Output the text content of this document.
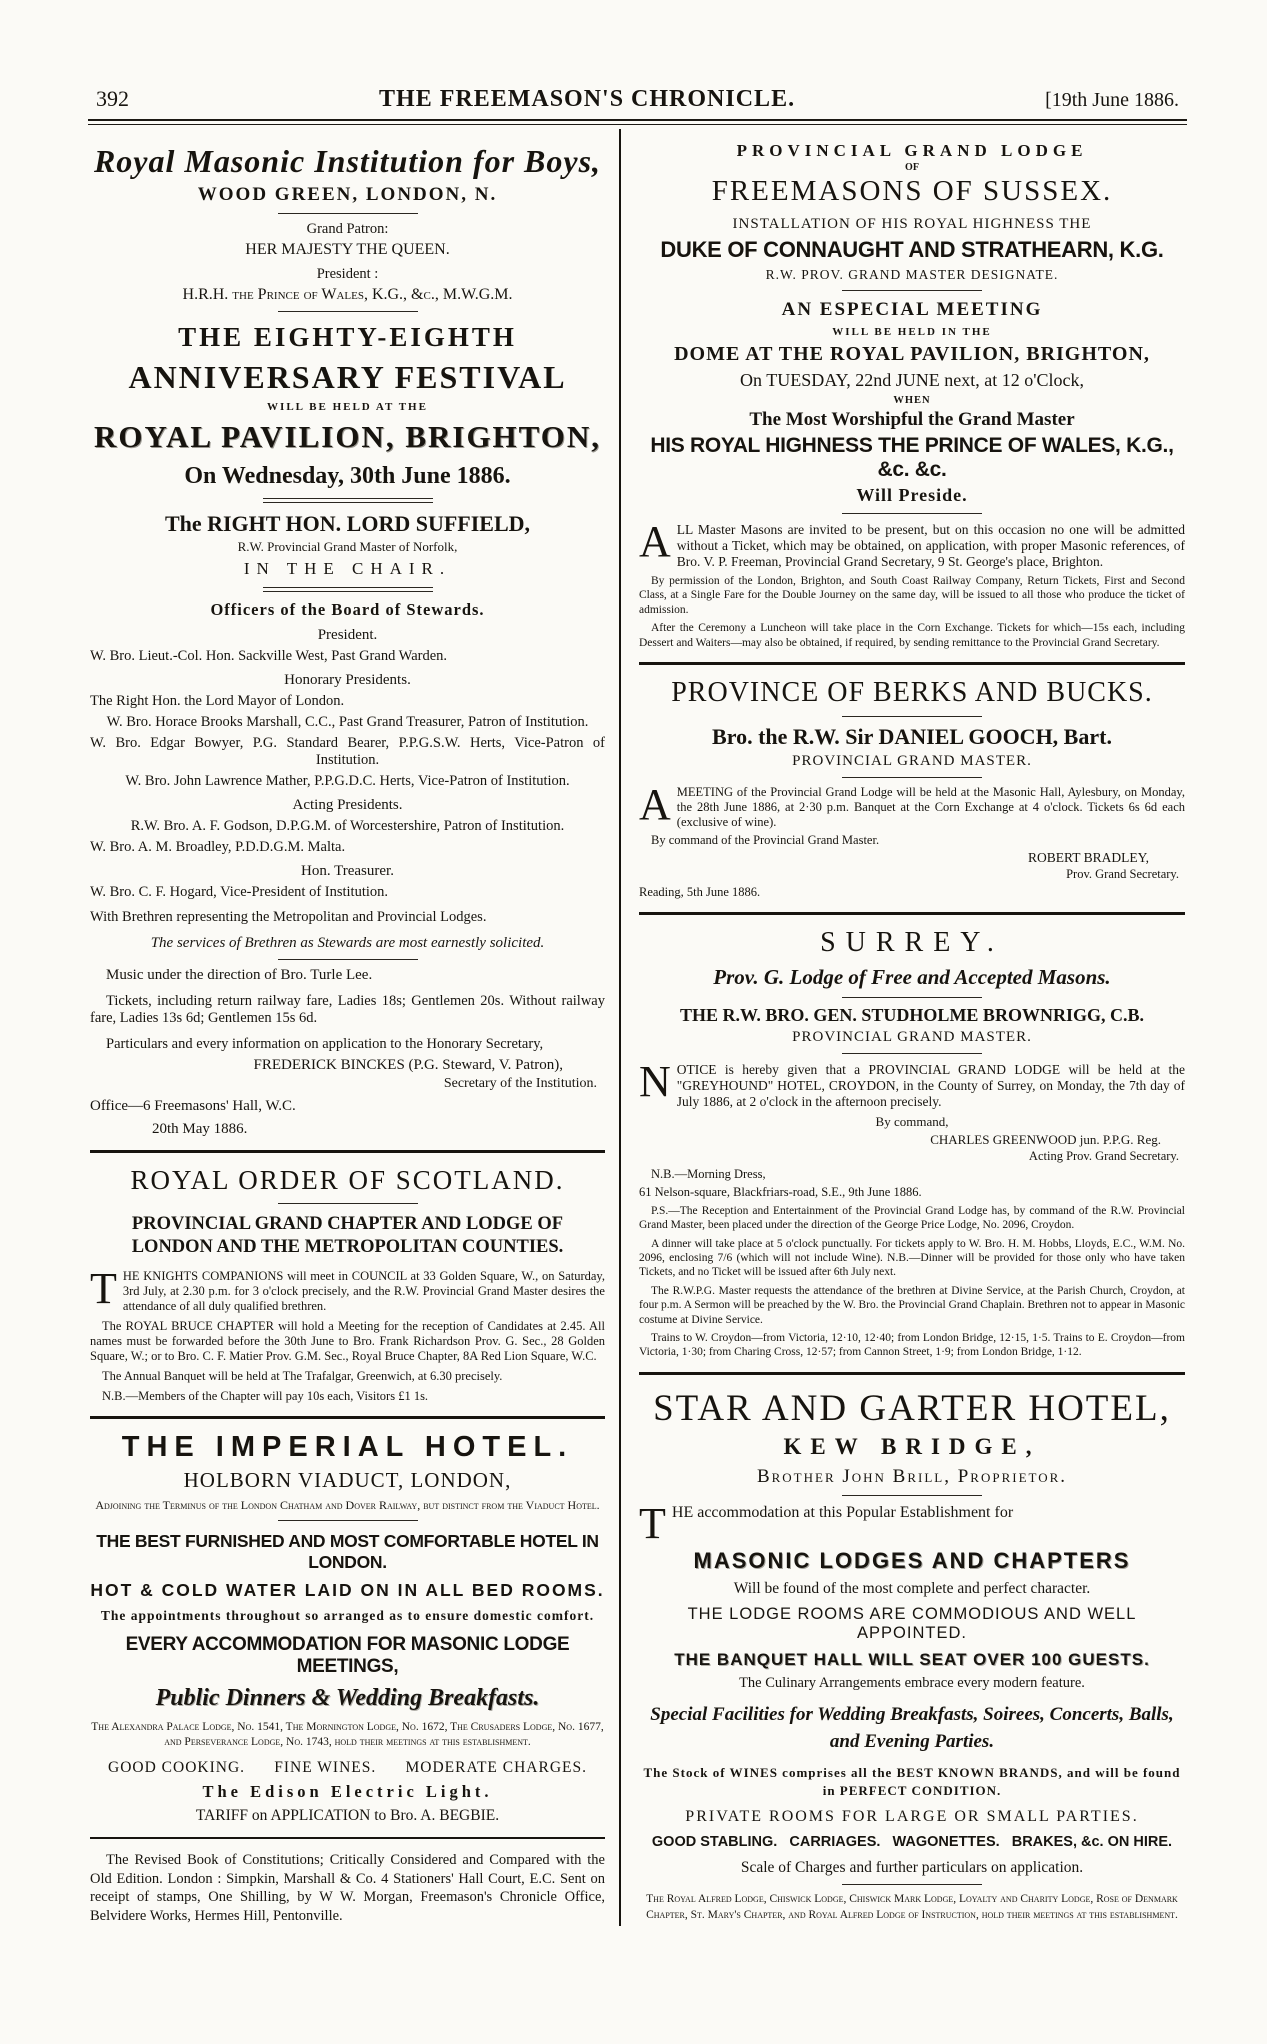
392	THE FREEMASON'S CHRONICLE.	[19th June 1886.
Royal Masonic Institution for Boys,
WOOD GREEN, LONDON, N.
Grand Patron:
HER MAJESTY THE QUEEN.
President :
H.R.H. the Prince of Wales, K.G., &c., M.W.G.M.
THE EIGHTY-EIGHTH
ANNIVERSARY FESTIVAL
WILL BE HELD AT THE
ROYAL PAVILION, BRIGHTON,
On Wednesday, 30th June 1886.
The RIGHT HON. LORD SUFFIELD,
R.W. Provincial Grand Master of Norfolk,
IN THE CHAIR.
Officers of the Board of Stewards.
President.
W. Bro. Lieut.-Col. Hon. Sackville West, Past Grand Warden.
Honorary Presidents.
The Right Hon. the Lord Mayor of London.
W. Bro. Horace Brooks Marshall, C.C., Past Grand Treasurer, Patron of Institution.
W. Bro. Edgar Bowyer, P.G. Standard Bearer, P.P.G.S.W. Herts, Vice-Patron of Institution.
W. Bro. John Lawrence Mather, P.P.G.D.C. Herts, Vice-Patron of Institution.
Acting Presidents.
R.W. Bro. A. F. Godson, D.P.G.M. of Worcestershire, Patron of Institution.
W. Bro. A. M. Broadley, P.D.D.G.M. Malta.
Hon. Treasurer.
W. Bro. C. F. Hogard, Vice-President of Institution.
With Brethren representing the Metropolitan and Provincial Lodges.
The services of Brethren as Stewards are most earnestly solicited.
Music under the direction of Bro. Turle Lee.
Tickets, including return railway fare, Ladies 18s; Gentlemen 20s. Without railway fare, Ladies 13s 6d; Gentlemen 15s 6d.
Particulars and every information on application to the Honorary Secretary,
FREDERICK BINCKES (P.G. Steward, V. Patron),
Secretary of the Institution.
Office—6 Freemasons' Hall, W.C.
20th May 1886.
ROYAL ORDER OF SCOTLAND.
PROVINCIAL GRAND CHAPTER AND LODGE OF LONDON AND THE METROPOLITAN COUNTIES.

THE KNIGHTS COMPANIONS will meet in COUNCIL at 33 Golden Square, W., on Saturday, 3rd July, at 2.30 p.m. for 3 o'clock precisely, and the R.W. Provincial Grand Master desires the attendance of all duly qualified brethren.

The ROYAL BRUCE CHAPTER will hold a Meeting for the reception of Candidates at 2.45. All names must be forwarded before the 30th June to Bro. Frank Richardson Prov. G. Sec., 28 Golden Square, W.; or to Bro. C. F. Matier Prov. G.M. Sec., Royal Bruce Chapter, 8A Red Lion Square, W.C.

The Annual Banquet will be held at The Trafalgar, Greenwich, at 6.30 precisely.

N.B.—Members of the Chapter will pay 10s each, Visitors £1 1s.

THE IMPERIAL HOTEL.
HOLBORN VIADUCT, LONDON,
Adjoining the Terminus of the London Chatham and Dover Railway, but distinct from the Viaduct Hotel.
THE BEST FURNISHED AND MOST COMFORTABLE HOTEL IN LONDON.
HOT & COLD WATER LAID ON IN ALL BED ROOMS.
The appointments throughout so arranged as to ensure domestic comfort.
EVERY ACCOMMODATION FOR MASONIC LODGE MEETINGS,
Public Dinners & Wedding Breakfasts.
The Alexandra Palace Lodge, No. 1541, The Mornington Lodge, No. 1672, The Crusaders Lodge, No. 1677, and Perseverance Lodge, No. 1743, hold their meetings at this establishment.
GOOD COOKING.      FINE WINES.      MODERATE CHARGES.
The Edison Electric Light.
TARIFF on APPLICATION to Bro. A. BEGBIE.

The Revised Book of Constitutions; Critically Considered and Compared with the Old Edition. London : Simpkin, Marshall & Co. 4 Stationers' Hall Court, E.C. Sent on receipt of stamps, One Shilling, by W W. Morgan, Freemason's Chronicle Office, Belvidere Works, Hermes Hill, Pentonville.

PROVINCIAL GRAND LODGE
OF
FREEMASONS OF SUSSEX.
INSTALLATION OF HIS ROYAL HIGHNESS THE
DUKE OF CONNAUGHT AND STRATHEARN, K.G.
R.W. PROV. GRAND MASTER DESIGNATE.
AN ESPECIAL MEETING
WILL BE HELD IN THE
DOME AT THE ROYAL PAVILION, BRIGHTON,
On TUESDAY, 22nd JUNE next, at 12 o'Clock,
WHEN
The Most Worshipful the Grand Master
HIS ROYAL HIGHNESS THE PRINCE OF WALES, K.G., &c. &c.
Will Preside.

ALL Master Masons are invited to be present, but on this occasion no one will be admitted without a Ticket, which may be obtained, on application, with proper Masonic references, of Bro. V. P. Freeman, Provincial Grand Secretary, 9 St. George's place, Brighton.

By permission of the London, Brighton, and South Coast Railway Company, Return Tickets, First and Second Class, at a Single Fare for the Double Journey on the same day, will be issued to all those who produce the ticket of admission.

After the Ceremony a Luncheon will take place in the Corn Exchange. Tickets for which—15s each, including Dessert and Waiters—may also be obtained, if required, by sending remittance to the Provincial Grand Secretary.

PROVINCE OF BERKS AND BUCKS.
Bro. the R.W. Sir DANIEL GOOCH, Bart.
PROVINCIAL GRAND MASTER.

AMEETING of the Provincial Grand Lodge will be held at the Masonic Hall, Aylesbury, on Monday, the 28th June 1886, at 2·30 p.m. Banquet at the Corn Exchange at 4 o'clock. Tickets 6s 6d each (exclusive of wine).

By command of the Provincial Grand Master.
ROBERT BRADLEY,
Prov. Grand Secretary.
Reading, 5th June 1886.
SURREY.
Prov. G. Lodge of Free and Accepted Masons.
THE R.W. BRO. GEN. STUDHOLME BROWNRIGG, C.B.
PROVINCIAL GRAND MASTER.

NOTICE is hereby given that a PROVINCIAL GRAND LODGE will be held at the "GREYHOUND" HOTEL, CROYDON, in the County of Surrey, on Monday, the 7th day of July 1886, at 2 o'clock in the afternoon precisely.

By command,
CHARLES GREENWOOD jun. P.P.G. Reg.
Acting Prov. Grand Secretary.
N.B.—Morning Dress,
61 Nelson-square, Blackfriars-road, S.E., 9th June 1886.

P.S.—The Reception and Entertainment of the Provincial Grand Lodge has, by command of the R.W. Provincial Grand Master, been placed under the direction of the George Price Lodge, No. 2096, Croydon.

A dinner will take place at 5 o'clock punctually. For tickets apply to W. Bro. H. M. Hobbs, Lloyds, E.C., W.M. No. 2096, enclosing 7/6 (which will not include Wine). N.B.—Dinner will be provided for those only who have taken Tickets, and no Ticket will be issued after 6th July next.

The R.W.P.G. Master requests the attendance of the brethren at Divine Service, at the Parish Church, Croydon, at four p.m. A Sermon will be preached by the W. Bro. the Provincial Grand Chaplain. Brethren not to appear in Masonic costume at Divine Service.

Trains to W. Croydon—from Victoria, 12·10, 12·40; from London Bridge, 12·15, 1·5. Trains to E. Croydon—from Victoria, 1·30; from Charing Cross, 12·57; from Cannon Street, 1·9; from London Bridge, 1·12.

STAR AND GARTER HOTEL,
KEW BRIDGE,
Brother John Brill, Proprietor.

THE accommodation at this Popular Establishment for

MASONIC LODGES AND CHAPTERS
Will be found of the most complete and perfect character.
THE LODGE ROOMS ARE COMMODIOUS AND WELL APPOINTED.
THE BANQUET HALL WILL SEAT OVER 100 GUESTS.
The Culinary Arrangements embrace every modern feature.
Special Facilities for Wedding Breakfasts, Soirees, Concerts, Balls, and Evening Parties.
The Stock of WINES comprises all the BEST KNOWN BRANDS, and will be found in PERFECT CONDITION.
PRIVATE ROOMS FOR LARGE OR SMALL PARTIES.
GOOD STABLING.   CARRIAGES.   WAGONETTES.   BRAKES, &c. ON HIRE.
Scale of Charges and further particulars on application.
The Royal Alfred Lodge, Chiswick Lodge, Chiswick Mark Lodge, Loyalty and Charity Lodge, Rose of Denmark Chapter, St. Mary's Chapter, and Royal Alfred Lodge of Instruction, hold their meetings at this establishment.
